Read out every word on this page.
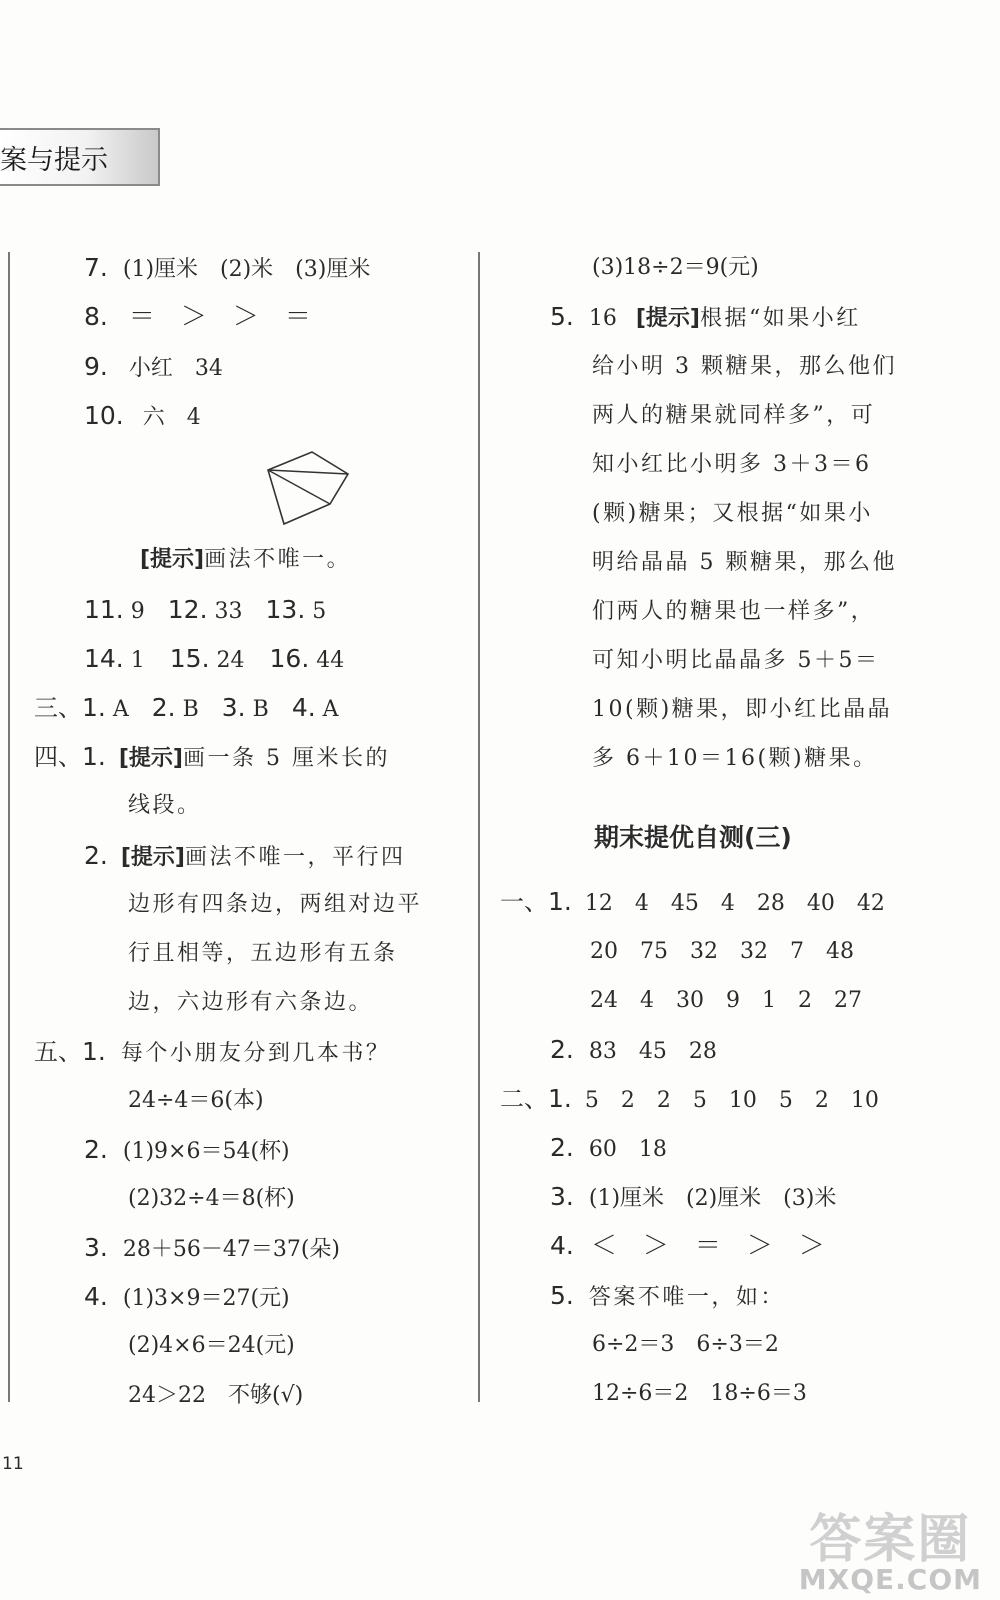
案与提示
7. (1)厘米　(2)米　(3)厘米
8. ＝　＞　＞　＝
9. 小红　34
10. 六　4
[提示]画法不唯一。
11. 9 12. 33 13. 5
14. 1 15. 24 16. 44
三、1. A 2. B 3. B 4. A
四、1. [提示]画一条 5 厘米长的
线段。
2. [提示]画法不唯一，平行四
边形有四条边，两组对边平
行且相等，五边形有五条
边，六边形有六条边。
五、1. 每个小朋友分到几本书？
24÷4＝6(本)
2. (1)9×6＝54(杯)
(2)32÷4＝8(杯)
3. 28＋56－47＝37(朵)
4. (1)3×9＝27(元)
(2)4×6＝24(元)
24＞22　不够(√)
(3)18÷2＝9(元)
5. 16 [提示]根据“如果小红
给小明 3 颗糖果，那么他们
两人的糖果就同样多”，可
知小红比小明多 3＋3＝6
(颗)糖果；又根据“如果小
明给晶晶 5 颗糖果，那么他
们两人的糖果也一样多”，
可知小明比晶晶多 5＋5＝
10(颗)糖果，即小红比晶晶
多 6＋10＝16(颗)糖果。
期末提优自测(三)
一、1. 12　4　45　4　28　40　42
20　75　32　32　7　48
24　4　30　9　1　2　27
2. 83　45　28
二、1. 5　2　2　5　10　5　2　10
2. 60　18
3. (1)厘米　(2)厘米　(3)米
4. ＜　＞　＝　＞　＞
5. 答案不唯一，如：
6÷2＝3　6÷3＝2
12÷6＝2　18÷6＝3
11
答案圈
MXQE.COM
